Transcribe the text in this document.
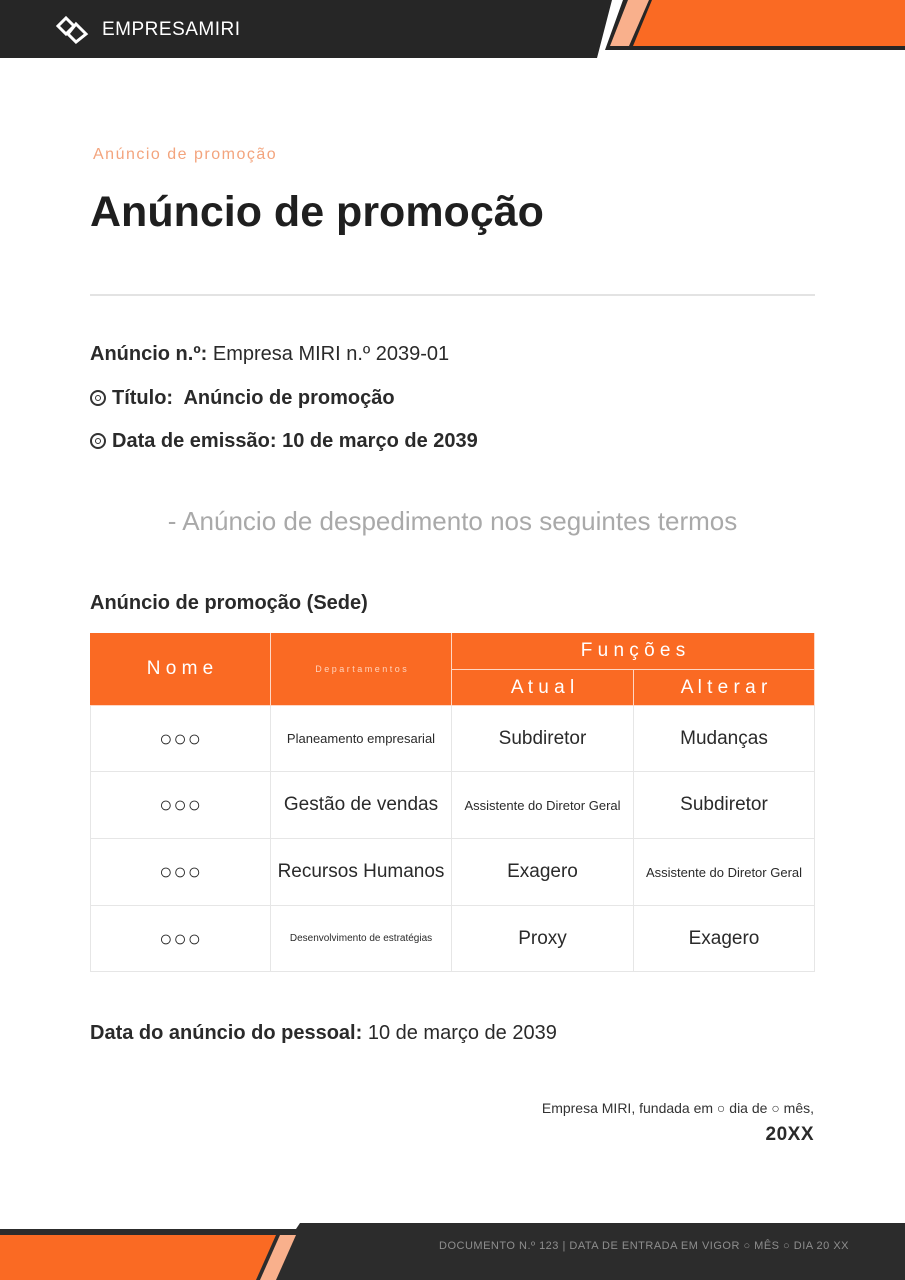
EMPRESAMIRI
Anúncio de promoção
Anúncio de promoção
Anúncio n.º: Empresa MIRI n.º 2039-01
Título: Anúncio de promoção
Data de emissão: 10 de março de 2039
- Anúncio de despedimento nos seguintes termos
Anúncio de promoção (Sede)
N o m e	D e p a r t a m e n t o s
F u n ç õ e s
A t u a l	A l t e r a r
○○○	Planeamento empresarial	Subdiretor	Mudanças
○○○	Gestão de vendas	Assistente do Diretor Geral	Subdiretor
○○○	Recursos Humanos	Exagero	Assistente do Diretor Geral
○○○	Desenvolvimento de estratégias	Proxy	Exagero
Data do anúncio do pessoal: 10 de março de 2039
Empresa MIRI, fundada em ○ dia de ○ mês,
20XX
DOCUMENTO N.º 123 | DATA DE ENTRADA EM VIGOR ○ MÊS ○ DIA 20 XX
